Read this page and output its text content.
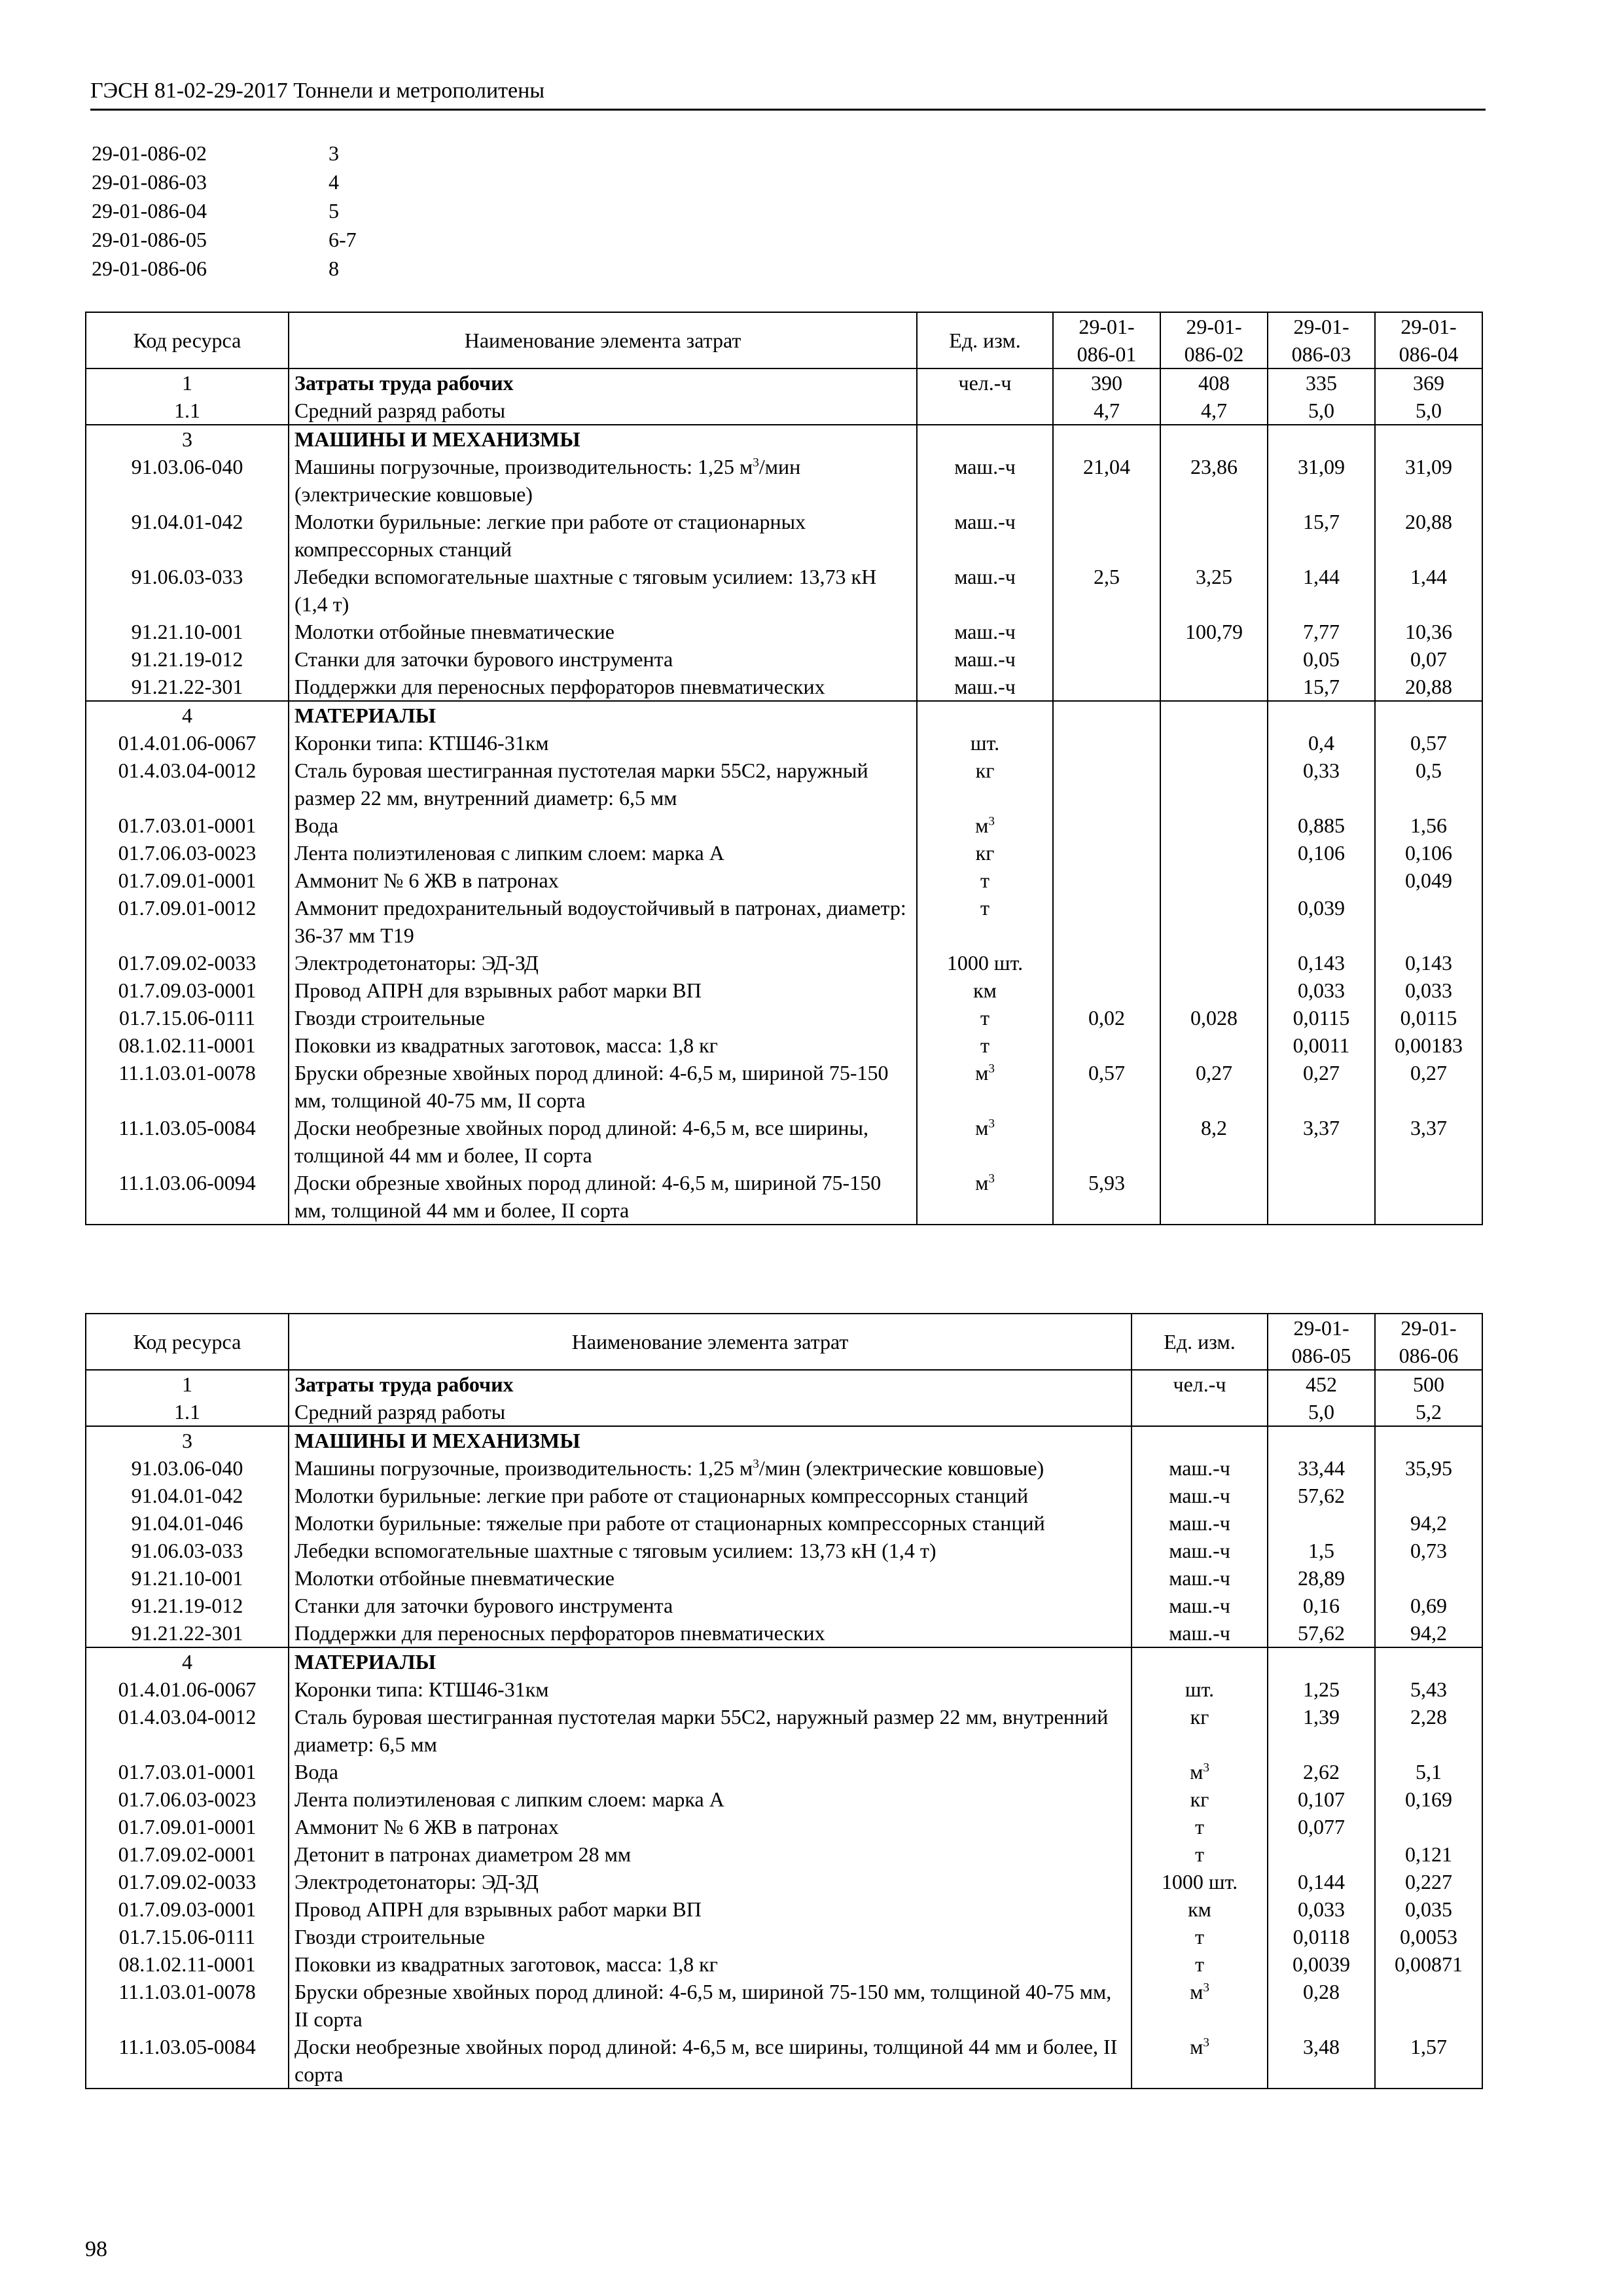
ГЭСН 81-02-29-2017 Тоннели и метрополитены
29-01-086-02	3
29-01-086-03	4
29-01-086-04	5
29-01-086-05	6-7
29-01-086-06	8
Код ресурса	Наименование элемента затрат	Ед. изм.	29-01-
086-01	29-01-
086-02	29-01-
086-03	29-01-
086-04
1	Затраты труда рабочих	чел.-ч	390	408	335	369
1.1	Средний разряд работы		4,7	4,7	5,0	5,0
3	МАШИНЫ И МЕХАНИЗМЫ					
91.03.06-040	Машины погрузочные, производительность: 1,25 $м^3$/мин (электрические ковшовые)	маш.-ч	21,04	23,86	31,09	31,09
91.04.01-042	Молотки бурильные: легкие при работе от стационарных компрессорных станций	маш.-ч			15,7	20,88
91.06.03-033	Лебедки вспомогательные шахтные с тяговым усилием: 13,73 кН (1,4 т)	маш.-ч	2,5	3,25	1,44	1,44
91.21.10-001	Молотки отбойные пневматические	маш.-ч		100,79	7,77	10,36
91.21.19-012	Станки для заточки бурового инструмента	маш.-ч			0,05	0,07
91.21.22-301	Поддержки для переносных перфораторов пневматических	маш.-ч			15,7	20,88
4	МАТЕРИАЛЫ					
01.4.01.06-0067	Коронки типа: КТШ46-31км	шт.			0,4	0,57
01.4.03.04-0012	Сталь буровая шестигранная пустотелая марки 55С2, наружный размер 22 мм, внутренний диаметр: 6,5 мм	кг			0,33	0,5
01.7.03.01-0001	Вода	$м^3$			0,885	1,56
01.7.06.03-0023	Лента полиэтиленовая с липким слоем: марка А	кг			0,106	0,106
01.7.09.01-0001	Аммонит № 6 ЖВ в патронах	т				0,049
01.7.09.01-0012	Аммонит предохранительный водоустойчивый в патронах, диаметр: 36-37 мм Т19	т			0,039	
01.7.09.02-0033	Электродетонаторы: ЭД-ЗД	1000 шт.			0,143	0,143
01.7.09.03-0001	Провод АПРН для взрывных работ марки ВП	км			0,033	0,033
01.7.15.06-0111	Гвозди строительные	т	0,02	0,028	0,0115	0,0115
08.1.02.11-0001	Поковки из квадратных заготовок, масса: 1,8 кг	т			0,0011	0,00183
11.1.03.01-0078	Бруски обрезные хвойных пород длиной: 4-6,5 м, шириной 75-150 мм, толщиной 40-75 мм, II сорта	$м^3$	0,57	0,27	0,27	0,27
11.1.03.05-0084	Доски необрезные хвойных пород длиной: 4-6,5 м, все ширины, толщиной 44 мм и более, II сорта	$м^3$		8,2	3,37	3,37
11.1.03.06-0094	Доски обрезные хвойных пород длиной: 4-6,5 м, шириной 75-150 мм, толщиной 44 мм и более, II сорта	$м^3$	5,93			
Код ресурса	Наименование элемента затрат	Ед. изм.	29-01-
086-05	29-01-
086-06
1	Затраты труда рабочих	чел.-ч	452	500
1.1	Средний разряд работы		5,0	5,2
3	МАШИНЫ И МЕХАНИЗМЫ			
91.03.06-040	Машины погрузочные, производительность: 1,25 $м^3$/мин (электрические ковшовые)	маш.-ч	33,44	35,95
91.04.01-042	Молотки бурильные: легкие при работе от стационарных компрессорных станций	маш.-ч	57,62	
91.04.01-046	Молотки бурильные: тяжелые при работе от стационарных компрессорных станций	маш.-ч		94,2
91.06.03-033	Лебедки вспомогательные шахтные с тяговым усилием: 13,73 кН (1,4 т)	маш.-ч	1,5	0,73
91.21.10-001	Молотки отбойные пневматические	маш.-ч	28,89	
91.21.19-012	Станки для заточки бурового инструмента	маш.-ч	0,16	0,69
91.21.22-301	Поддержки для переносных перфораторов пневматических	маш.-ч	57,62	94,2
4	МАТЕРИАЛЫ			
01.4.01.06-0067	Коронки типа: КТШ46-31км	шт.	1,25	5,43
01.4.03.04-0012	Сталь буровая шестигранная пустотелая марки 55С2, наружный размер 22 мм, внутренний диаметр: 6,5 мм	кг	1,39	2,28
01.7.03.01-0001	Вода	$м^3$	2,62	5,1
01.7.06.03-0023	Лента полиэтиленовая с липким слоем: марка А	кг	0,107	0,169
01.7.09.01-0001	Аммонит № 6 ЖВ в патронах	т	0,077	
01.7.09.02-0001	Детонит в патронах диаметром 28 мм	т		0,121
01.7.09.02-0033	Электродетонаторы: ЭД-ЗД	1000 шт.	0,144	0,227
01.7.09.03-0001	Провод АПРН для взрывных работ марки ВП	км	0,033	0,035
01.7.15.06-0111	Гвозди строительные	т	0,0118	0,0053
08.1.02.11-0001	Поковки из квадратных заготовок, масса: 1,8 кг	т	0,0039	0,00871
11.1.03.01-0078	Бруски обрезные хвойных пород длиной: 4-6,5 м, шириной 75-150 мм, толщиной 40-75 мм, II сорта	$м^3$	0,28	
11.1.03.05-0084	Доски необрезные хвойных пород длиной: 4-6,5 м, все ширины, толщиной 44 мм и более, II сорта	$м^3$	3,48	1,57
98
